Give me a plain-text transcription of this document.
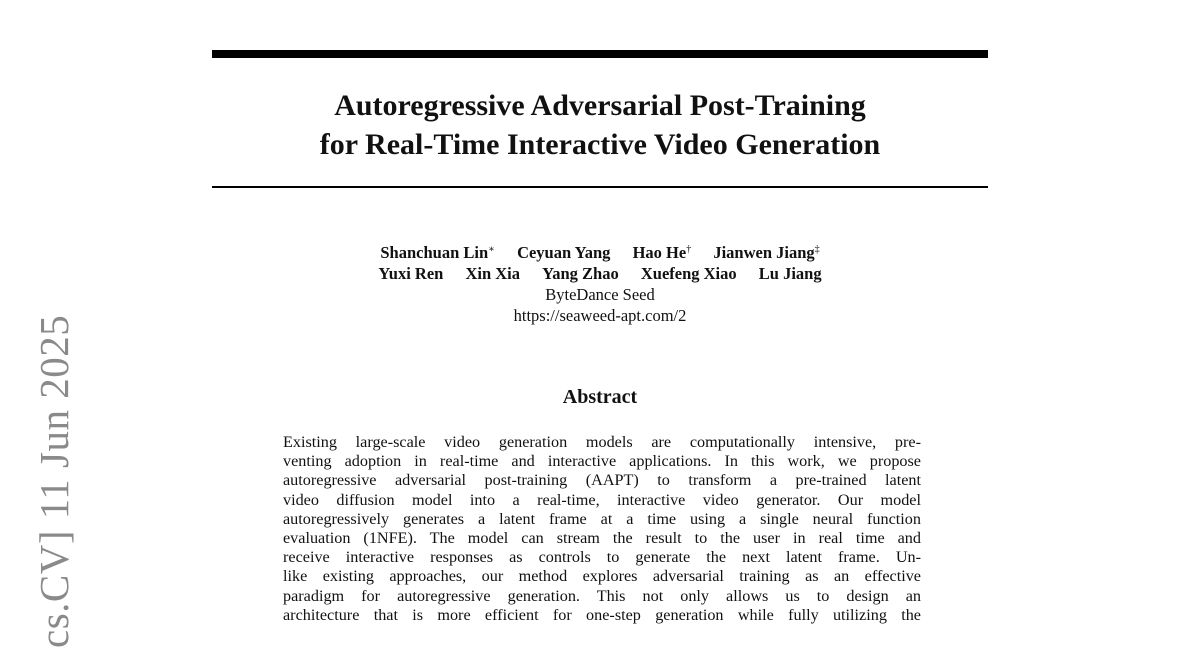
cs.CV] 11 Jun 2025
Autoregressive Adversarial Post-Training
for Real-Time Interactive Video Generation
Shanchuan Lin∗ Ceyuan Yang Hao He† Jianwen Jiang‡
Yuxi Ren Xin Xia Yang Zhao Xuefeng Xiao Lu Jiang
ByteDance Seed
https://seaweed-apt.com/2
Abstract
Existing large-scale video generation models are computationally intensive, pre-
venting adoption in real-time and interactive applications. In this work, we propose
autoregressive adversarial post-training (AAPT) to transform a pre-trained latent
video diffusion model into a real-time, interactive video generator. Our model
autoregressively generates a latent frame at a time using a single neural function
evaluation (1NFE). The model can stream the result to the user in real time and
receive interactive responses as controls to generate the next latent frame. Un-
like existing approaches, our method explores adversarial training as an effective
paradigm for autoregressive generation. This not only allows us to design an
architecture that is more efficient for one-step generation while fully utilizing the
